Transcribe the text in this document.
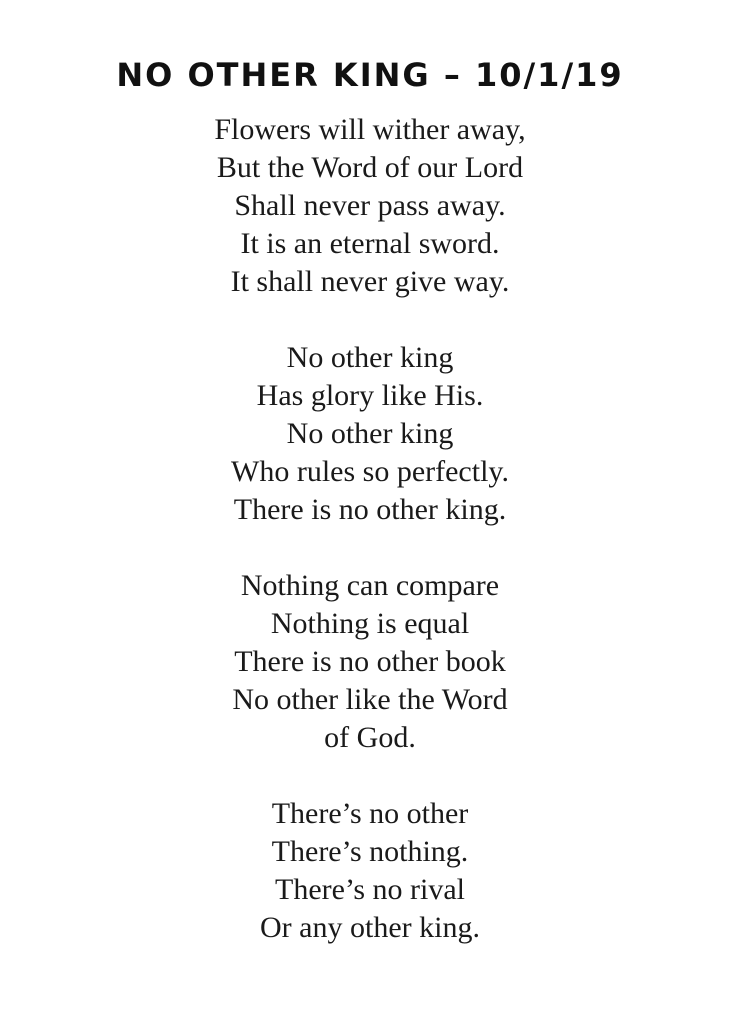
NO OTHER KING – 10/1/19
Flowers will wither away,
But the Word of our Lord
Shall never pass away.
It is an eternal sword.
It shall never give way.
No other king
Has glory like His.
No other king
Who rules so perfectly.
There is no other king.
Nothing can compare
Nothing is equal
There is no other book
No other like the Word
of God.
There’s no other
There’s nothing.
There’s no rival
Or any other king.
